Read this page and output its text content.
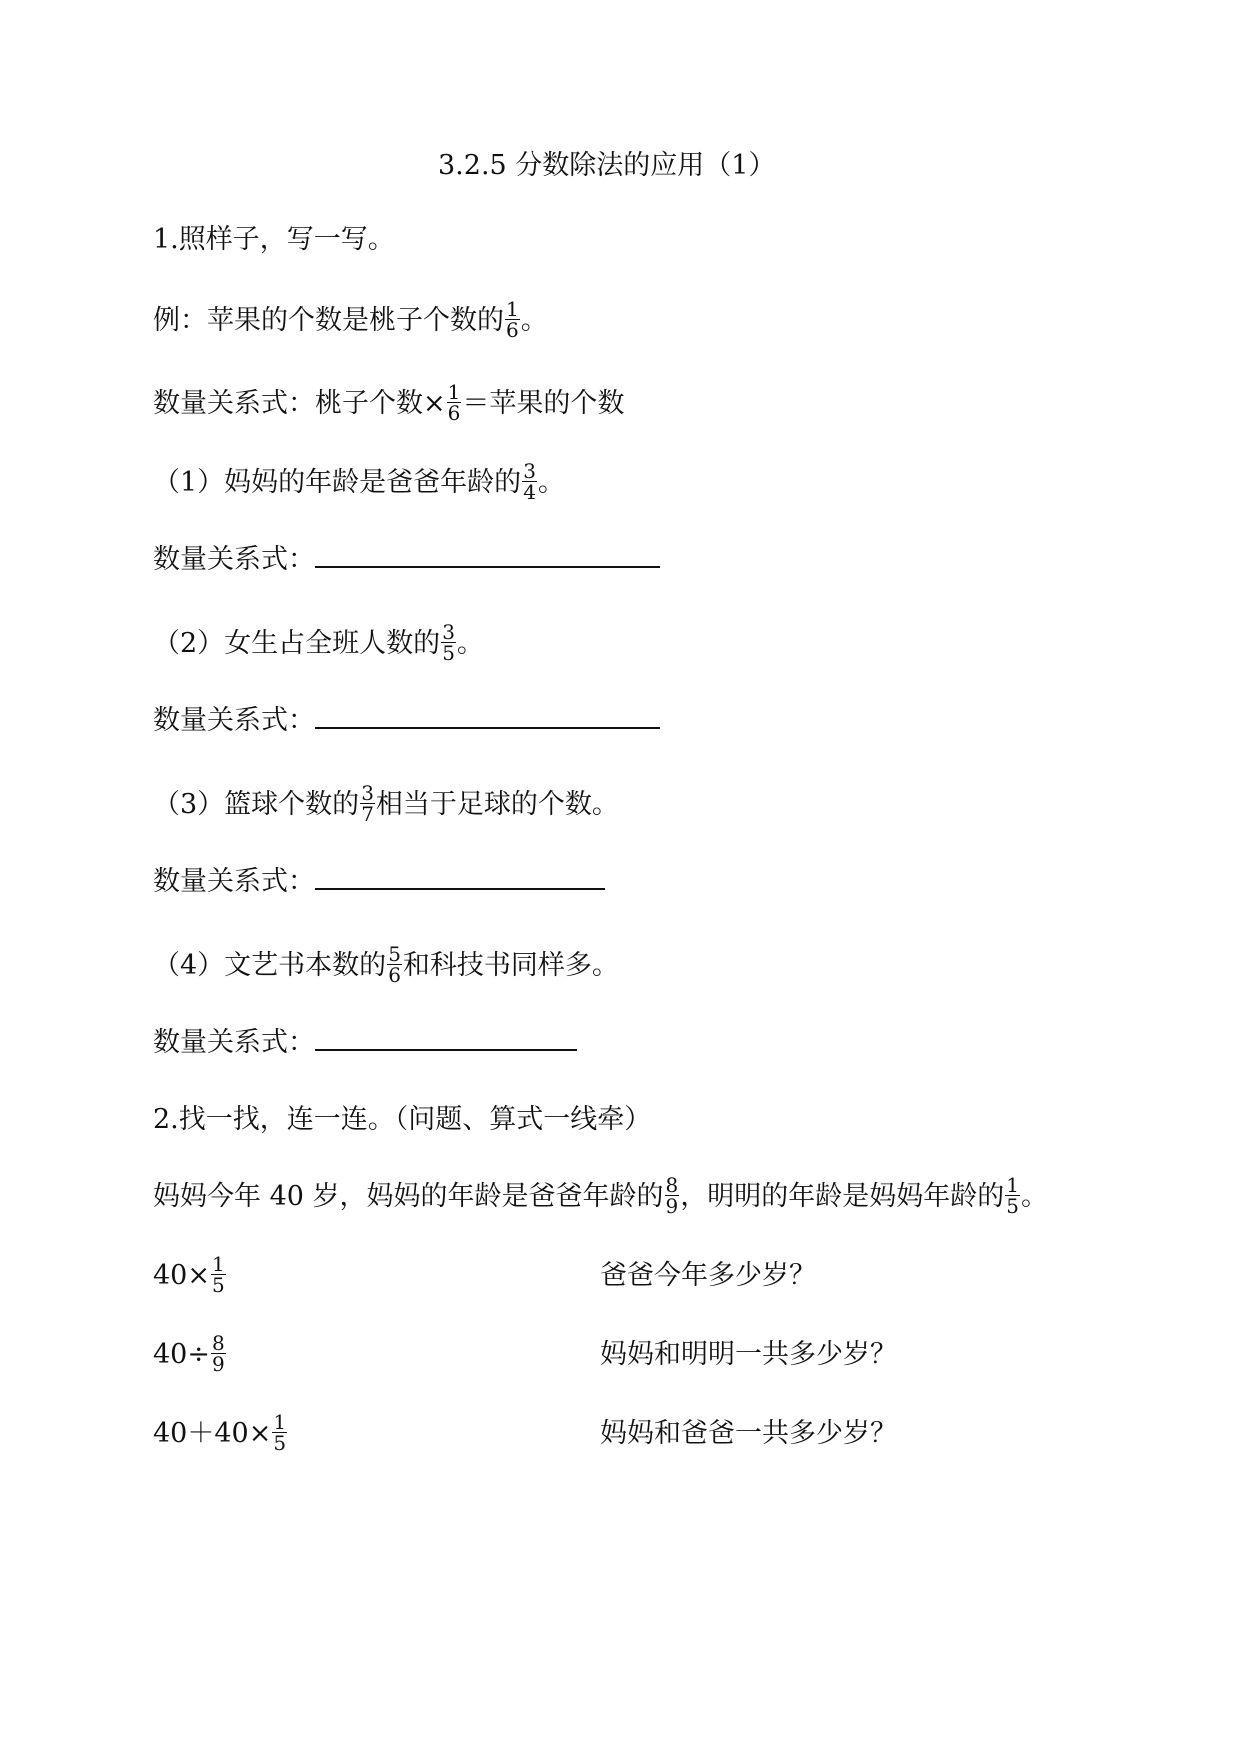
3.2.5 分数除法的应用（1）
1.照样子，写一写。
例：苹果的个数是桃子个数的 $\frac{1}{6}$ 。
数量关系式：桃子个数× $\frac{1}{6}$ ＝苹果的个数
（1）妈妈的年龄是爸爸年龄的 $\frac{3}{4}$ 。
数量关系式：
（2）女生占全班人数的 $\frac{3}{5}$ 。
数量关系式：
（3）篮球个数的 $\frac{3}{7}$ 相当于足球的个数。
数量关系式：
（4）文艺书本数的 $\frac{5}{6}$ 和科技书同样多。
数量关系式：
2.找一找，连一连。（问题、算式一线牵）
妈妈今年 40 岁，妈妈的年龄是爸爸年龄的 $\frac{8}{9}$ ，明明的年龄是妈妈年龄的 $\frac{1}{5}$ 。
$40\times \frac{1}{5}$	爸爸今年多少岁？
$40\div \frac{8}{9}$	妈妈和明明一共多少岁？
$40+40\times \frac{1}{5}$	妈妈和爸爸一共多少岁？
